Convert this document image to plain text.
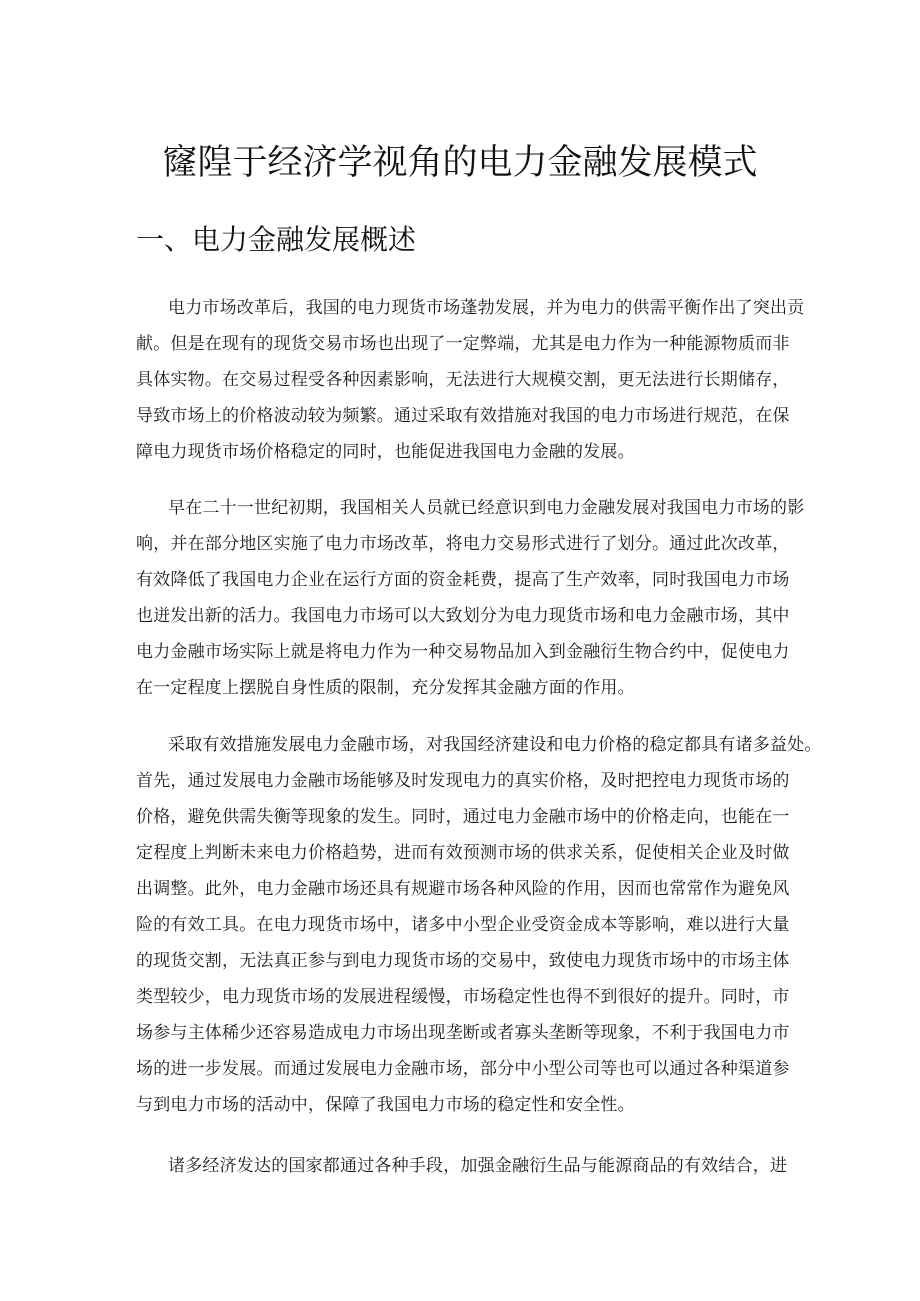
窿隍于经济学视角的电力金融发展模式
一、电力金融发展概述
电力市场改革后，我国的电力现货市场蓬勃发展，并为电力的供需平衡作出了突出贡
献。但是在现有的现货交易市场也出现了一定弊端，尤其是电力作为一种能源物质而非
具体实物。在交易过程受各种因素影响，无法进行大规模交割，更无法进行长期储存，
导致市场上的价格波动较为频繁。通过采取有效措施对我国的电力市场进行规范，在保
障电力现货市场价格稳定的同时，也能促进我国电力金融的发展。
早在二十一世纪初期，我国相关人员就已经意识到电力金融发展对我国电力市场的影
响，并在部分地区实施了电力市场改革，将电力交易形式进行了划分。通过此次改革，
有效降低了我国电力企业在运行方面的资金耗费，提高了生产效率，同时我国电力市场
也迸发出新的活力。我国电力市场可以大致划分为电力现货市场和电力金融市场，其中
电力金融市场实际上就是将电力作为一种交易物品加入到金融衍生物合约中，促使电力
在一定程度上摆脱自身性质的限制，充分发挥其金融方面的作用。
采取有效措施发展电力金融市场，对我国经济建设和电力价格的稳定都具有诸多益处。
首先，通过发展电力金融市场能够及时发现电力的真实价格，及时把控电力现货市场的
价格，避免供需失衡等现象的发生。同时，通过电力金融市场中的价格走向，也能在一
定程度上判断未来电力价格趋势，进而有效预测市场的供求关系，促使相关企业及时做
出调整。此外，电力金融市场还具有规避市场各种风险的作用，因而也常常作为避免风
险的有效工具。在电力现货市场中，诸多中小型企业受资金成本等影响，难以进行大量
的现货交割，无法真正参与到电力现货市场的交易中，致使电力现货市场中的市场主体
类型较少，电力现货市场的发展进程缓慢，市场稳定性也得不到很好的提升。同时，市
场参与主体稀少还容易造成电力市场出现垄断或者寡头垄断等现象，不利于我国电力市
场的进一步发展。而通过发展电力金融市场，部分中小型公司等也可以通过各种渠道参
与到电力市场的活动中，保障了我国电力市场的稳定性和安全性。
诸多经济发达的国家都通过各种手段，加强金融衍生品与能源商品的有效结合，进
